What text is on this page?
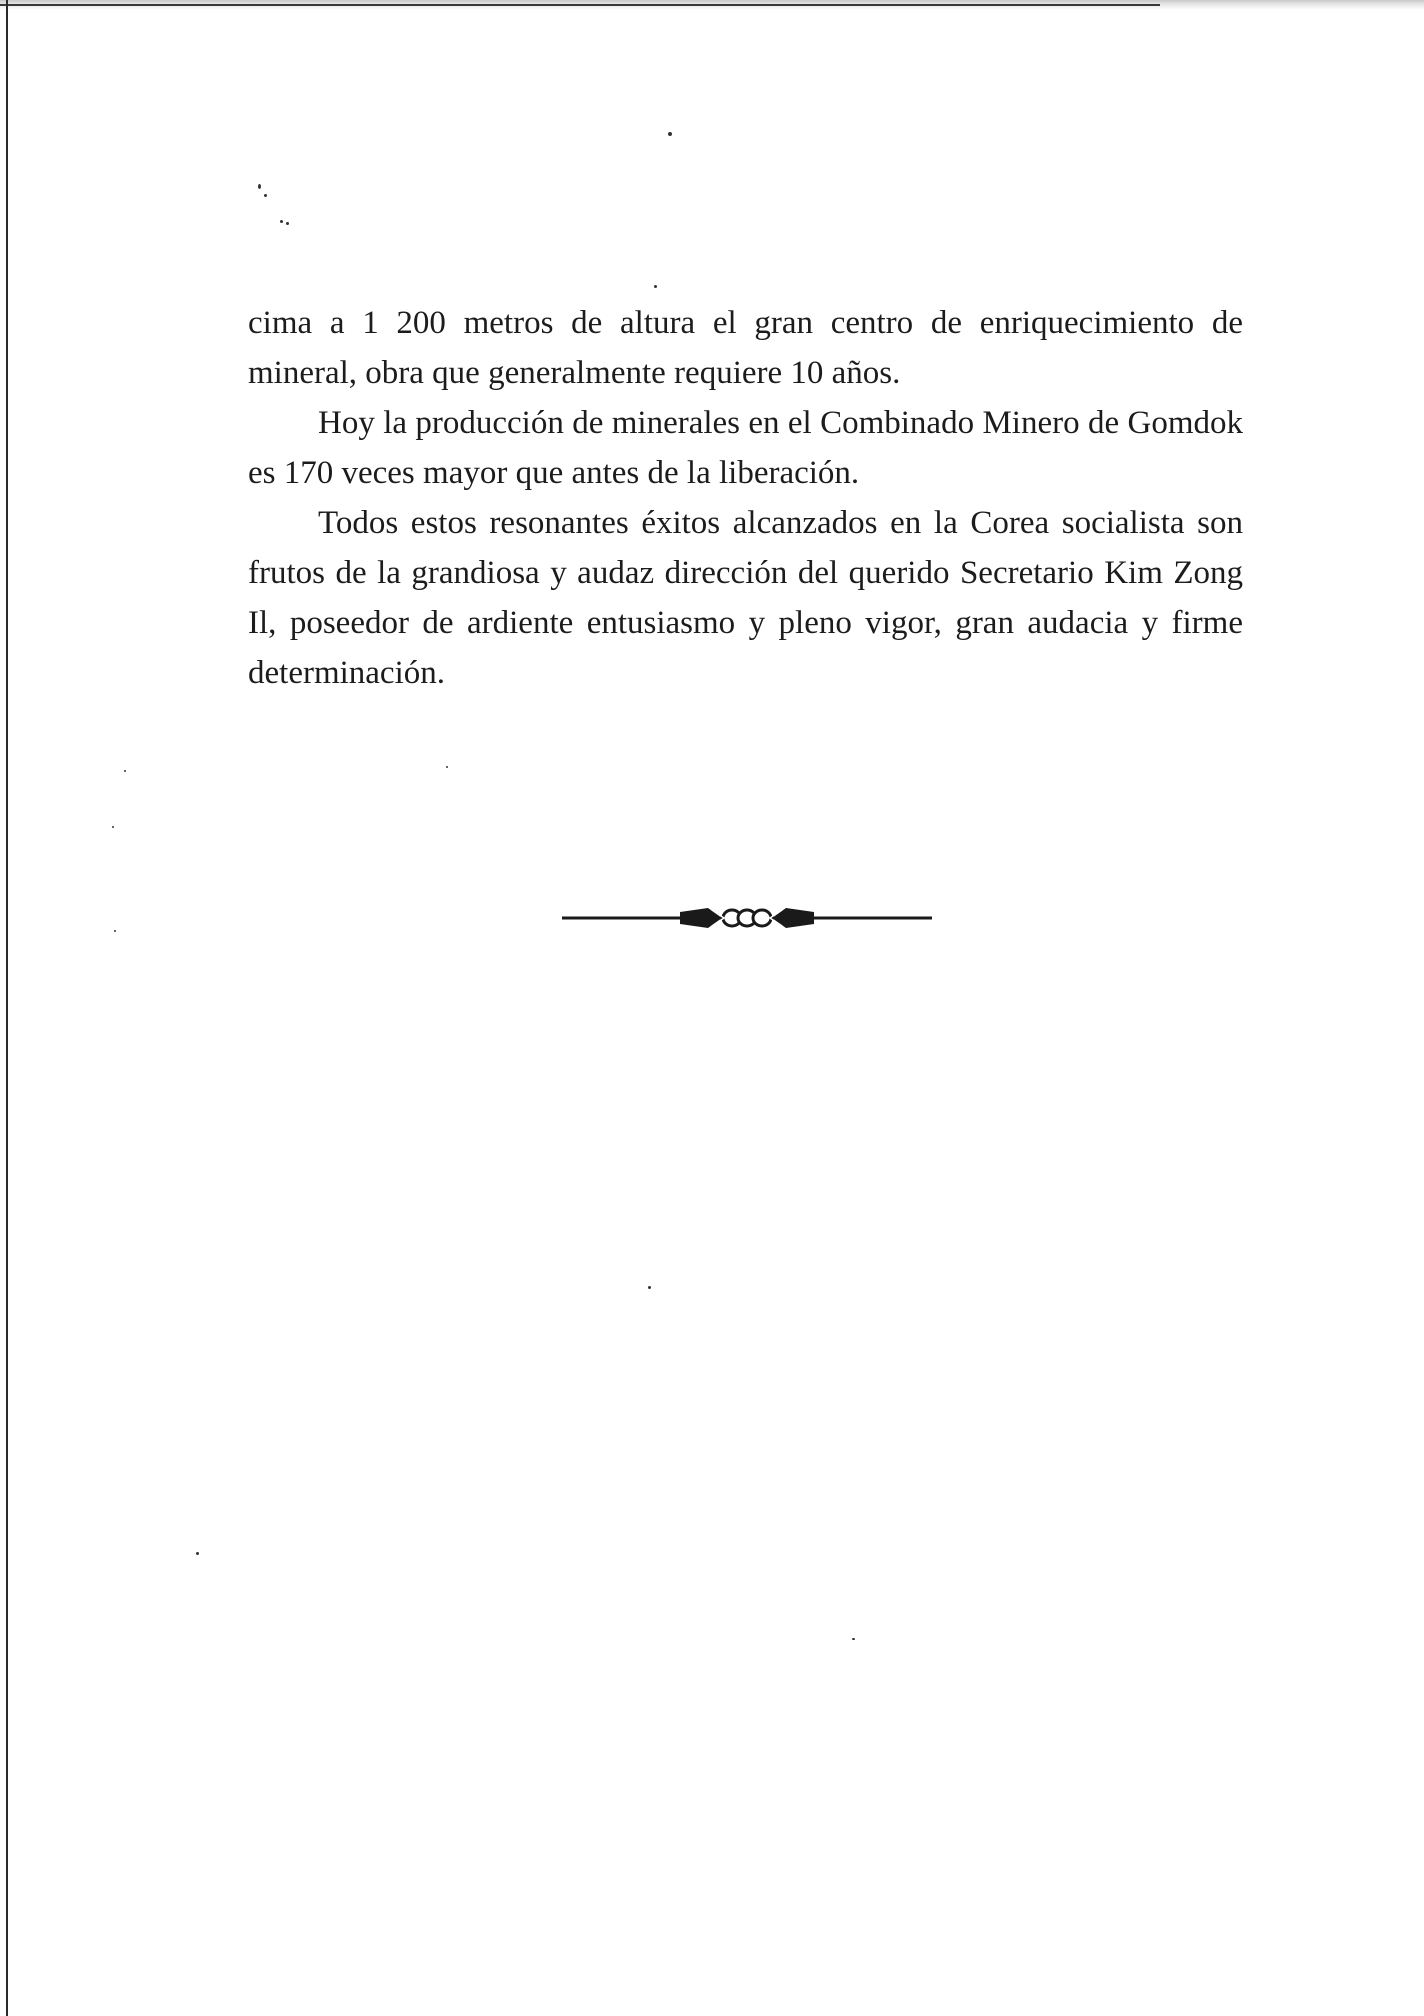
cima a 1 200 metros de altura el gran centro de enriquecimiento de mineral, obra que generalmente requiere 10 años.

Hoy la producción de minerales en el Combinado Minero de Gomdok es 170 veces mayor que antes de la liberación.

Todos estos resonantes éxitos alcanzados en la Corea socialista son frutos de la grandiosa y audaz dirección del querido Secretario Kim Zong Il, poseedor de ardiente entusiasmo y pleno vigor, gran audacia y firme determinación.
